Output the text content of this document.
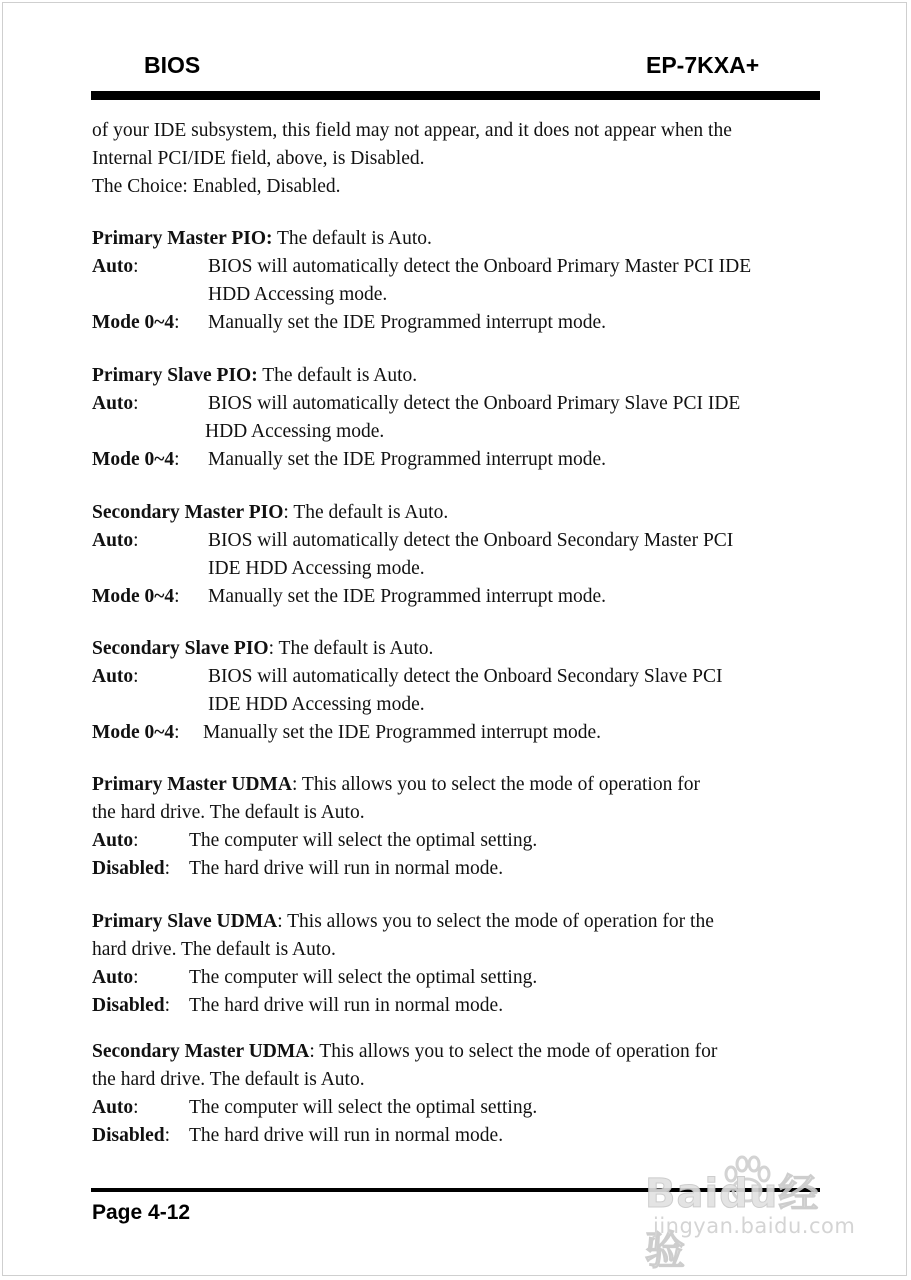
BIOS	EP-7KXA+
of your IDE subsystem, this field may not appear, and it does not appear when the
Internal PCI/IDE field, above, is Disabled.
The Choice: Enabled, Disabled.
Primary Master PIO: The default is Auto.
Auto:	BIOS will automatically detect the Onboard Primary Master PCI IDE
HDD Accessing mode.
Mode 0~4:	Manually set the IDE Programmed interrupt mode.
Primary Slave PIO: The default is Auto.
Auto:	BIOS will automatically detect the Onboard Primary Slave PCI IDE
HDD Accessing mode.
Mode 0~4:	Manually set the IDE Programmed interrupt mode.
Secondary Master PIO: The default is Auto.
Auto:	BIOS will automatically detect the Onboard Secondary Master PCI
IDE HDD Accessing mode.
Mode 0~4:	Manually set the IDE Programmed interrupt mode.
Secondary Slave PIO: The default is Auto.
Auto:	BIOS will automatically detect the Onboard Secondary Slave PCI
IDE HDD Accessing mode.
Mode 0~4:	Manually set the IDE Programmed interrupt mode.
Primary Master UDMA: This allows you to select the mode of operation for
the hard drive. The default is Auto.
Auto:	The computer will select the optimal setting.
Disabled: The hard drive will run in normal mode.
Primary Slave UDMA: This allows you to select the mode of operation for the
hard drive. The default is Auto.
Auto:	The computer will select the optimal setting.
Disabled: The hard drive will run in normal mode.
Secondary Master UDMA: This allows you to select the mode of operation for
the hard drive. The default is Auto.
Auto:	The computer will select the optimal setting.
Disabled: The hard drive will run in normal mode.
Page 4-12	Baidu经验
jingyan.baidu.com
